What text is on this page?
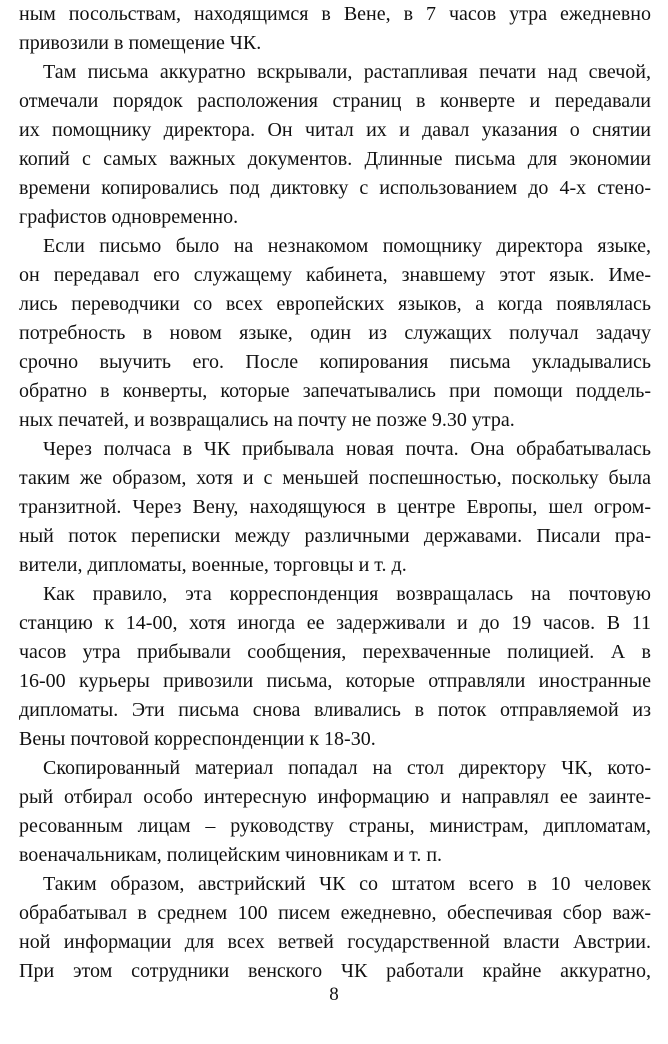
ным посольствам, находящимся в Вене, в 7 часов утра ежедневно
привозили в помещение ЧК.
Там письма аккуратно вскрывали, растапливая печати над свечой,
отмечали порядок расположения страниц в конверте и передавали
их помощнику директора. Он читал их и давал указания о снятии
копий с самых важных документов. Длинные письма для экономии
времени копировались под диктовку с использованием до 4-х стено-
графистов одновременно.
Если письмо было на незнакомом помощнику директора языке,
он передавал его служащему кабинета, знавшему этот язык. Име-
лись переводчики со всех европейских языков, а когда появлялась
потребность в новом языке, один из служащих получал задачу
срочно выучить его. После копирования письма укладывались
обратно в конверты, которые запечатывались при помощи поддель-
ных печатей, и возвращались на почту не позже 9.30 утра.
Через полчаса в ЧК прибывала новая почта. Она обрабатывалась
таким же образом, хотя и с меньшей поспешностью, поскольку была
транзитной. Через Вену, находящуюся в центре Европы, шел огром-
ный поток переписки между различными державами. Писали пра-
вители, дипломаты, военные, торговцы и т. д.
Как правило, эта корреспонденция возвращалась на почтовую
станцию к 14-00, хотя иногда ее задерживали и до 19 часов. В 11
часов утра прибывали сообщения, перехваченные полицией. А в
16-00 курьеры привозили письма, которые отправляли иностранные
дипломаты. Эти письма снова вливались в поток отправляемой из
Вены почтовой корреспонденции к 18-30.
Скопированный материал попадал на стол директору ЧК, кото-
рый отбирал особо интересную информацию и направлял ее заинте-
ресованным лицам – руководству страны, министрам, дипломатам,
военачальникам, полицейским чиновникам и т. п.
Таким образом, австрийский ЧК со штатом всего в 10 человек
обрабатывал в среднем 100 писем ежедневно, обеспечивая сбор важ-
ной информации для всех ветвей государственной власти Австрии.
При этом сотрудники венского ЧК работали крайне аккуратно,
8
